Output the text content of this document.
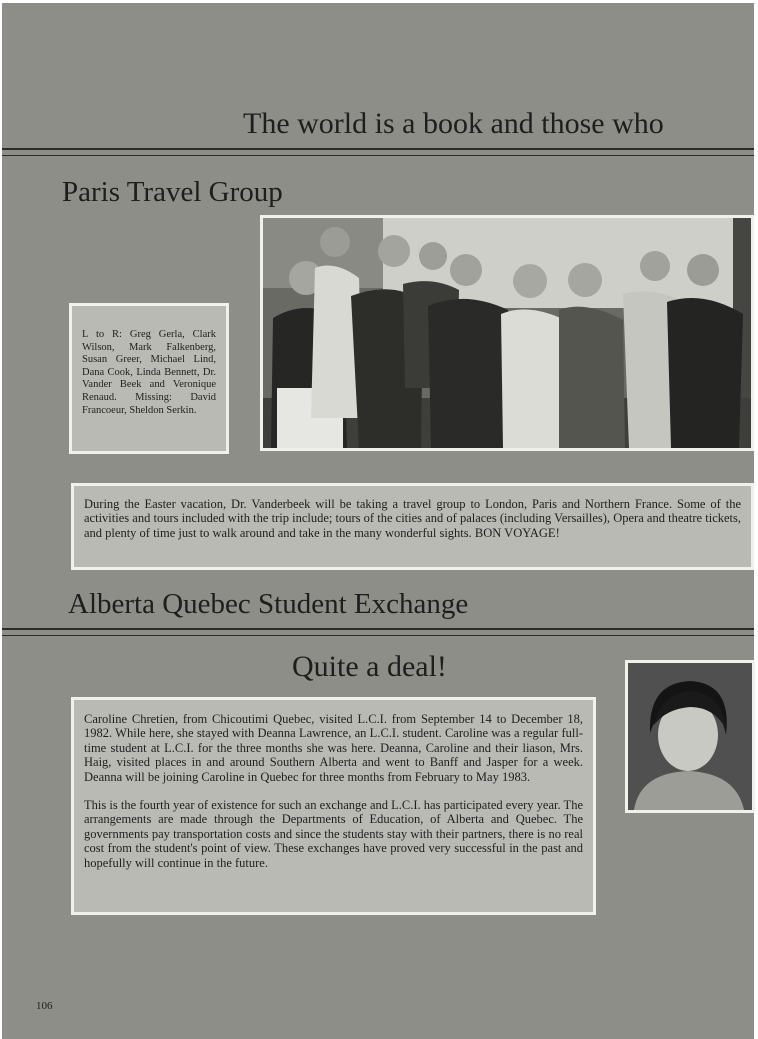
The world is a book and those who
Paris Travel Group
L to R: Greg Gerla, Clark Wilson, Mark Falkenberg, Susan Greer, Michael Lind, Dana Cook, Linda Bennett, Dr. Vander Beek and Veronique Renaud. Missing: David Francoeur, Sheldon Serkin.
During the Easter vacation, Dr. Vanderbeek will be taking a travel group to London, Paris and Northern France. Some of the activities and tours included with the trip include; tours of the cities and of palaces (including Versailles), Opera and theatre tickets, and plenty of time just to walk around and take in the many wonderful sights. BON VOYAGE!
Alberta Quebec Student Exchange
Quite a deal!
Caroline Chretien, from Chicoutimi Quebec, visited L.C.I. from September 14 to December 18, 1982. While here, she stayed with Deanna Lawrence, an L.C.I. student. Caroline was a regular full-time student at L.C.I. for the three months she was here. Deanna, Caroline and their liason, Mrs. Haig, visited places in and around Southern Alberta and went to Banff and Jasper for a week. Deanna will be joining Caroline in Quebec for three months from February to May 1983.
This is the fourth year of existence for such an exchange and L.C.I. has participated every year. The arrangements are made through the Departments of Education, of Alberta and Quebec. The governments pay transportation costs and since the students stay with their partners, there is no real cost from the student's point of view. These exchanges have proved very successful in the past and hopefully will continue in the future.
106
